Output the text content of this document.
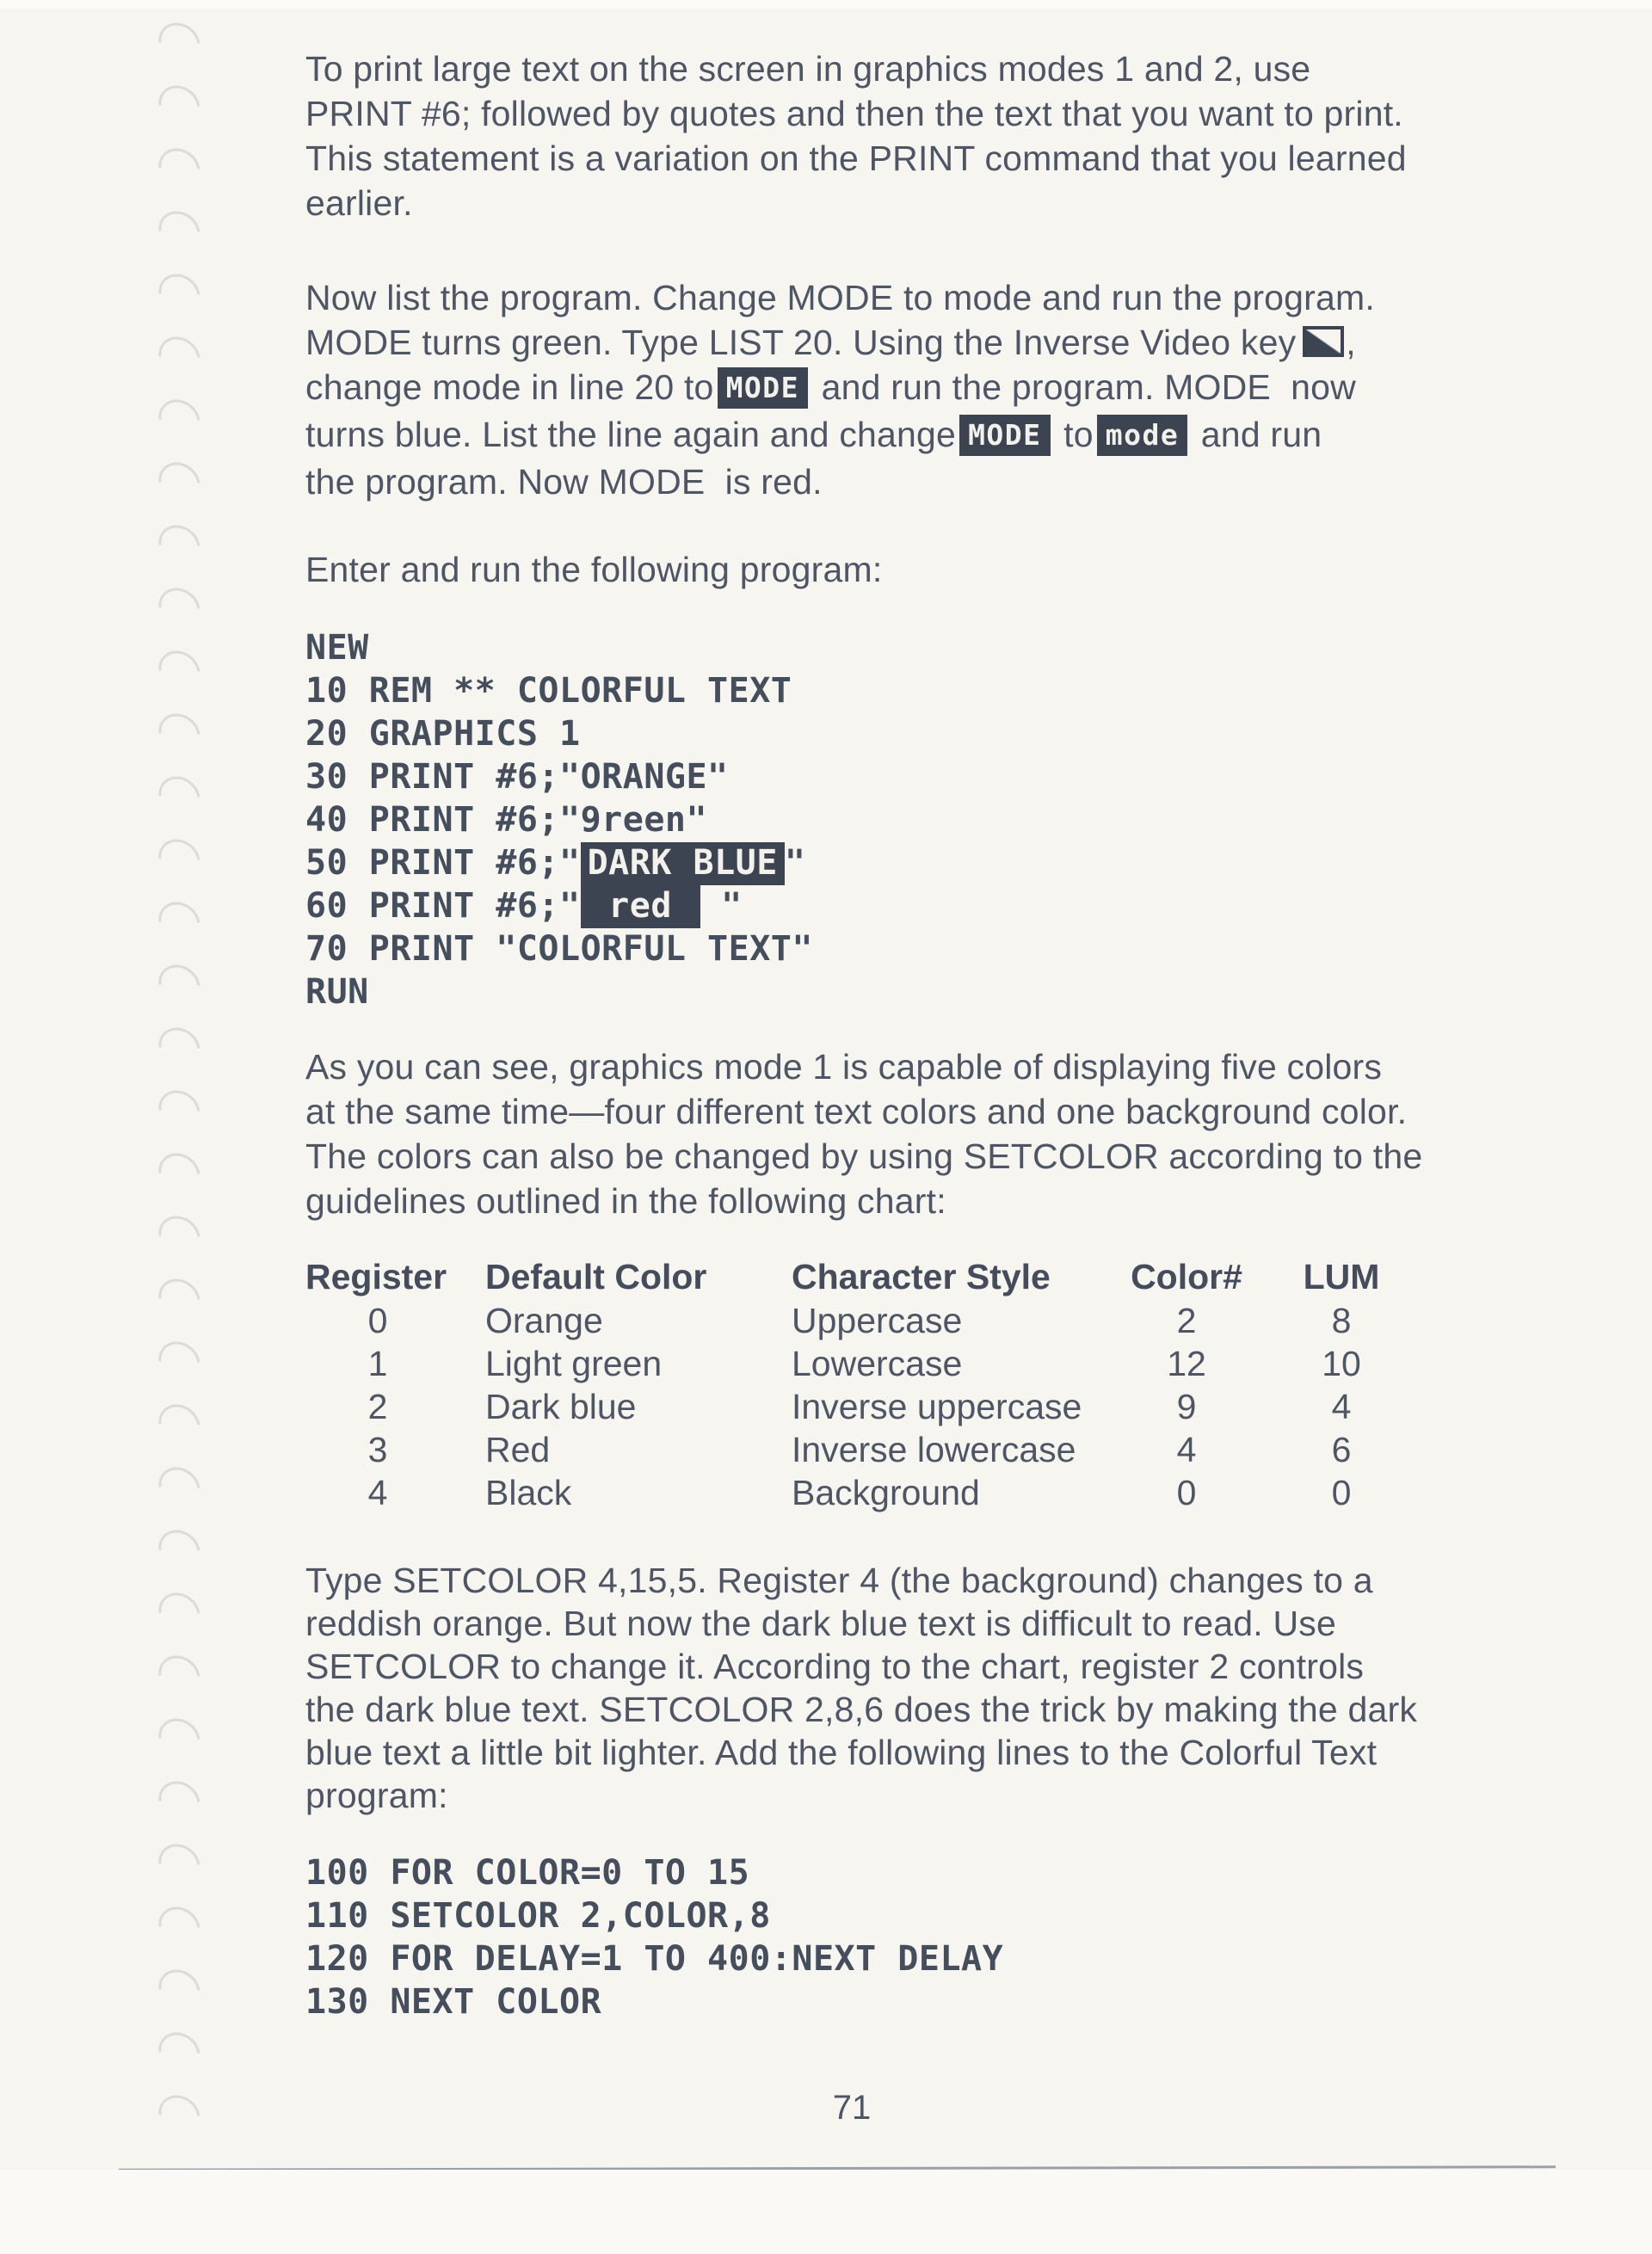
To print large text on the screen in graphics modes 1 and 2, use
PRINT #6; followed by quotes and then the text that you want to print.
This statement is a variation on the PRINT command that you learned
earlier.
Now list the program. Change MODE to mode and run the program.
MODE turns green. Type LIST 20. Using the Inverse Video key ,
change mode in line 20 to MODE and run the program. MODE  now
turns blue. List the line again and change MODE to mode and run
the program. Now MODE  is red.
Enter and run the following program:
NEW
10 REM ** COLORFUL TEXT
20 GRAPHICS 1
30 PRINT #6;"ORANGE"
40 PRINT #6;"9reen"
50 PRINT #6;" DARK BLUE "
60 PRINT #6;" red  "
70 PRINT "COLORFUL TEXT"
RUN
As you can see, graphics mode 1 is capable of displaying five colors
at the same time—four different text colors and one background color.
The colors can also be changed by using SETCOLOR according to the
guidelines outlined in the following chart:
Register	Default Color	Character Style	Color#	LUM
0	Orange	Uppercase	2	8
1	Light green	Lowercase	12	10
2	Dark blue	Inverse uppercase	9	4
3	Red	Inverse lowercase	4	6
4	Black	Background	0	0
Type SETCOLOR 4,15,5. Register 4 (the background) changes to a
reddish orange. But now the dark blue text is difficult to read. Use
SETCOLOR to change it. According to the chart, register 2 controls
the dark blue text. SETCOLOR 2,8,6 does the trick by making the dark
blue text a little bit lighter. Add the following lines to the Colorful Text
program:
100 FOR COLOR=0 TO 15
110 SETCOLOR 2,COLOR,8
120 FOR DELAY=1 TO 400:NEXT DELAY
130 NEXT COLOR
71
